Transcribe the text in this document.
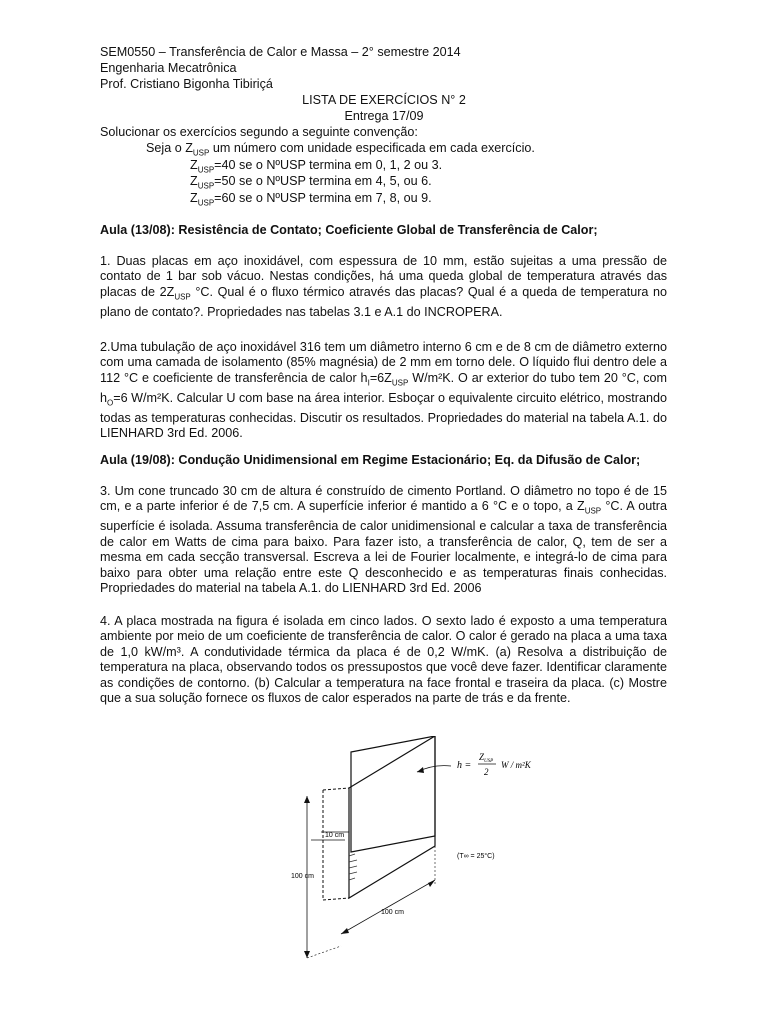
SEM0550 – Transferência de Calor e Massa – 2° semestre 2014
Engenharia Mecatrônica
Prof. Cristiano Bigonha Tibiriçá
LISTA DE EXERCÍCIOS N° 2
Entrega 17/09
Solucionar os exercícios segundo a seguinte convenção:
Seja o $Z_{USP}$ um número com unidade especificada em cada exercício.
$Z_{USP}=40$ se o NºUSP termina em 0, 1, 2 ou 3.
$Z_{USP}=50$ se o NºUSP termina em 4, 5, ou 6.
$Z_{USP}=60$ se o NºUSP termina em 7, 8, ou 9.
Aula (13/08): Resistência de Contato; Coeficiente Global de Transferência de Calor;
1. Duas placas em aço inoxidável, com espessura de 10 mm, estão sujeitas a uma pressão de contato de 1 bar sob vácuo. Nestas condições, há uma queda global de temperatura através das placas de $2Z_{USP}$ °C. Qual é o fluxo térmico através das placas? Qual é a queda de temperatura no plano de contato?. Propriedades nas tabelas 3.1 e A.1 do INCROPERA.
2.Uma tubulação de aço inoxidável 316 tem um diâmetro interno 6 cm e de 8 cm de diâmetro externo com uma camada de isolamento (85% magnésia) de 2 mm em torno dele. O líquido flui dentro dele a 112 °C e coeficiente de transferência de calor $h_I=6Z_{USP}$ W/m²K. O ar exterior do tubo tem 20 °C, com $h_O=6$ W/m²K. Calcular U com base na área interior. Esboçar o equivalente circuito elétrico, mostrando todas as temperaturas conhecidas. Discutir os resultados. Propriedades do material na tabela A.1. do LIENHARD 3rd Ed. 2006.
Aula (19/08): Condução Unidimensional em Regime Estacionário; Eq. da Difusão de Calor;
3. Um cone truncado 30 cm de altura é construído de cimento Portland. O diâmetro no topo é de 15 cm, e a parte inferior é de 7,5 cm. A superfície inferior é mantido a 6 °C e o topo, a $Z_{USP}$ °C. A outra superfície é isolada. Assuma transferência de calor unidimensional e calcular a taxa de transferência de calor em Watts de cima para baixo. Para fazer isto, a transferência de calor, Q, tem de ser a mesma em cada secção transversal. Escreva a lei de Fourier localmente, e integrá-lo de cima para baixo para obter uma relação entre este Q desconhecido e as temperaturas finais conhecidas. Propriedades do material na tabela A.1. do LIENHARD 3rd Ed. 2006
4. A placa mostrada na figura é isolada em cinco lados. O sexto lado é exposto a uma temperatura ambiente por meio de um coeficiente de transferência de calor. O calor é gerado na placa a uma taxa de 1,0 kW/m³. A condutividade térmica da placa é de 0,2 W/mK. (a) Resolva a distribuição de temperatura na placa, observando todos os pressupostos que você deve fazer. Identificar claramente as condições de contorno. (b) Calcular a temperatura na face frontal e traseira da placa. (c) Mostre que a sua solução fornece os fluxos de calor esperados na parte de trás e da frente.
10 cm
100 cm
100 cm
h =
$Z_{USP}$
2
W / m²K
(T∞ = 25°C)
